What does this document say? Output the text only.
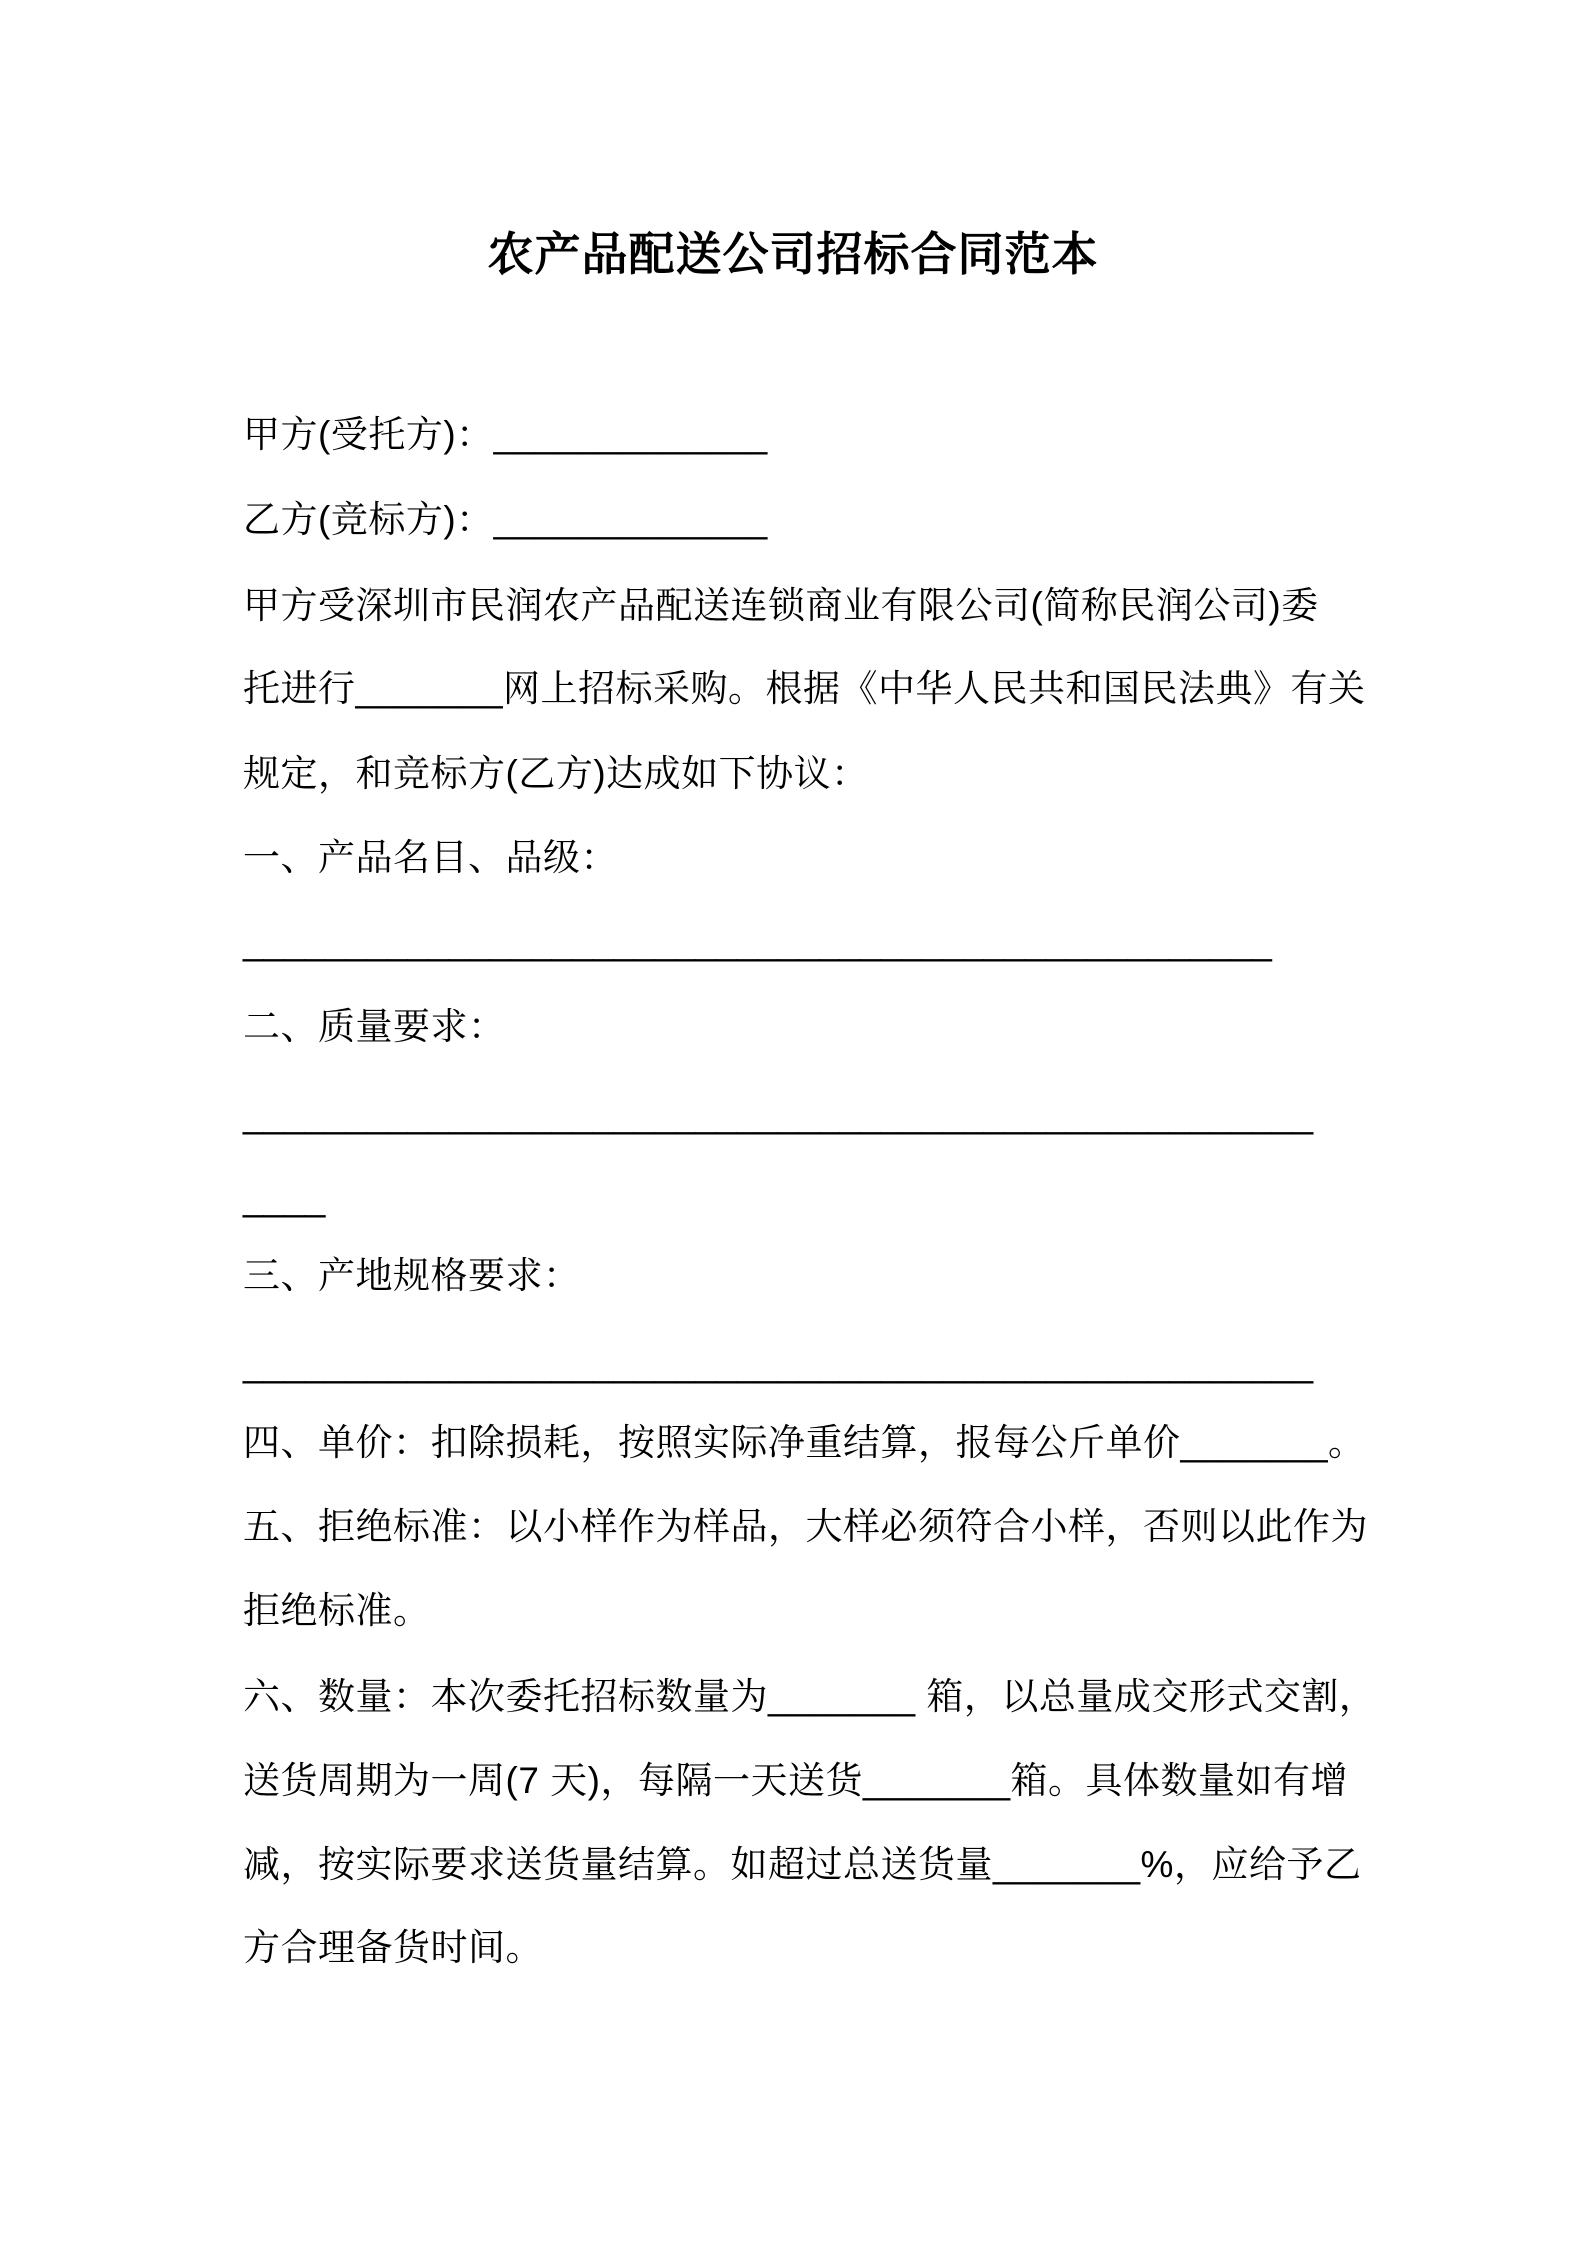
农产品配送公司招标合同范本
甲方(受托方)：_____________
乙方(竞标方)：_____________
甲方受深圳市民润农产品配送连锁商业有限公司(简称民润公司)委
托进行_______网上招标采购。根据《中华人民共和国民法典》有关
规定，和竞标方(乙方)达成如下协议：
一、产品名目、品级：
__________________________________________________
二、质量要求：
____________________________________________________
____
三、产地规格要求：
____________________________________________________
四、单价：扣除损耗，按照实际净重结算，报每公斤单价_______。
五、拒绝标准：以小样作为样品，大样必须符合小样，否则以此作为
拒绝标准。
六、数量：本次委托招标数量为_______ 箱，以总量成交形式交割，
送货周期为一周(7 天)，每隔一天送货_______箱。具体数量如有增
减，按实际要求送货量结算。如超过总送货量_______%，应给予乙
方合理备货时间。
